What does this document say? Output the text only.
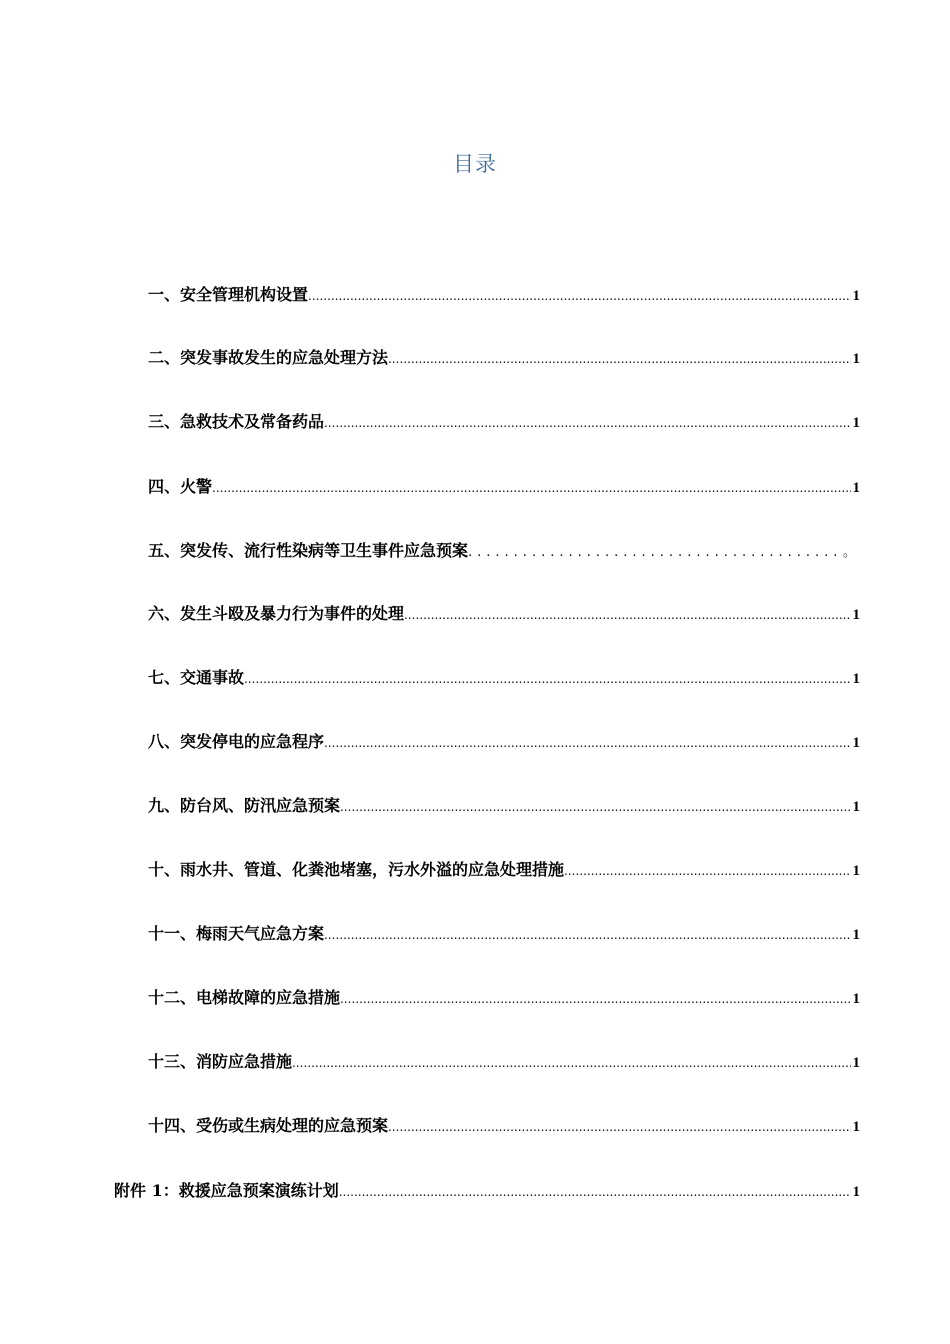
目录
一、安全管理机构设置 .....	1
二、突发事故发生的应急处理方法 .....	1
三、急救技术及常备药品 .....	1
四、火警 .....	1
五、突发传、流行性染病等卫生事件应急预案 .....	。
六、发生斗殴及暴力行为事件的处理 .....	1
七、交通事故 .....	1
八、突发停电的应急程序 .....	1
九、防台风、防汛应急预案 .....	1
十、雨水井、管道、化粪池堵塞，污水外溢的应急处理措施 .....	1
十一、梅雨天气应急方案 .....	1
十二、电梯故障的应急措施 .....	1
十三、消防应急措施 .....	1
十四、受伤或生病处理的应急预案 .....	1
附件 1：救援应急预案演练计划 .....	1
